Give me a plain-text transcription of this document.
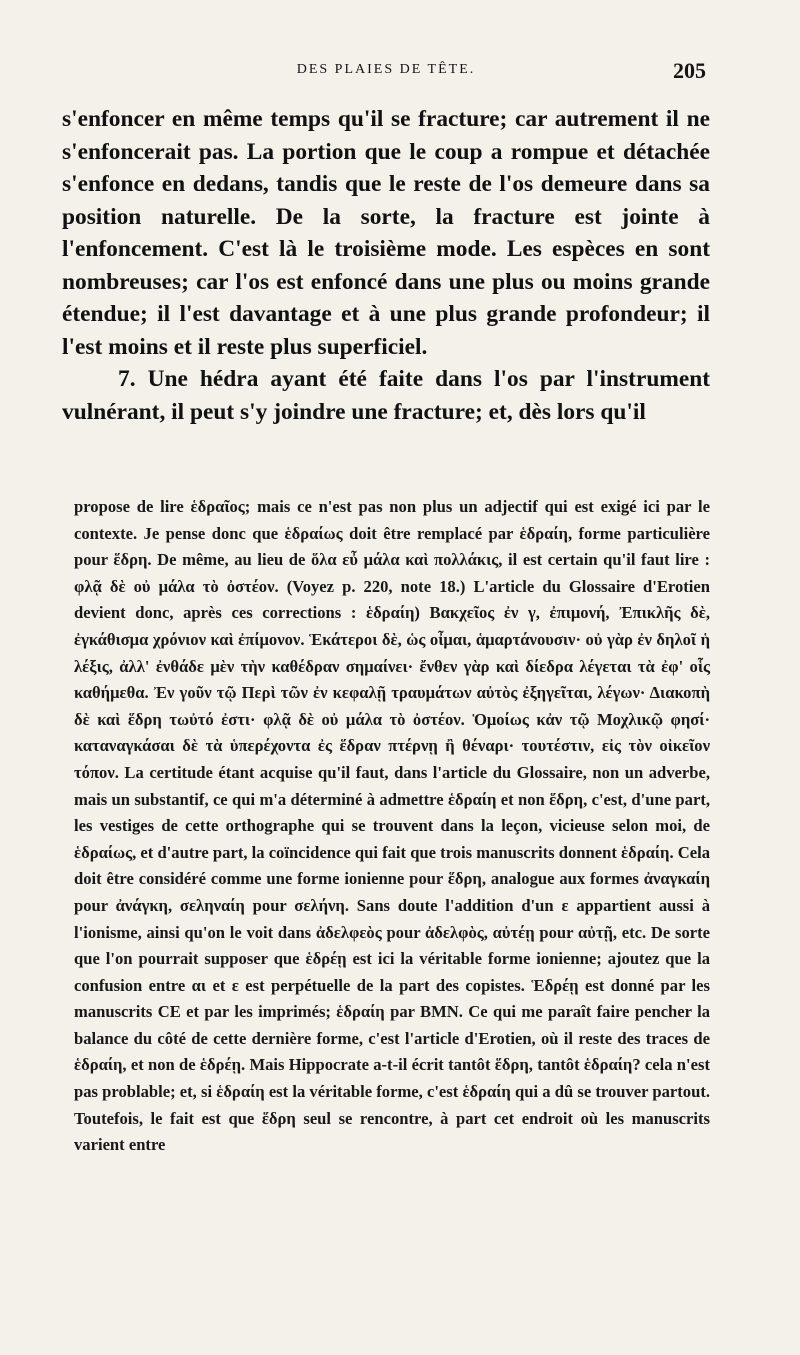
DES PLAIES DE TÊTE.	205

s'enfoncer en même temps qu'il se fracture; car autrement il ne s'enfoncerait pas. La portion que le coup a rompue et détachée s'enfonce en dedans, tandis que le reste de l'os demeure dans sa position naturelle. De la sorte, la fracture est jointe à l'enfoncement. C'est là le troisième mode. Les espèces en sont nombreuses; car l'os est enfoncé dans une plus ou moins grande étendue; il l'est davantage et à une plus grande profondeur; il l'est moins et il reste plus superficiel.

7. Une hédra ayant été faite dans l'os par l'instrument vulnérant, il peut s'y joindre une fracture; et, dès lors qu'il

propose de lire ἑδραῖος; mais ce n'est pas non plus un adjectif qui est exigé ici par le contexte. Je pense donc que ἑδραίως doit être remplacé par ἑδραίη, forme particulière pour ἕδρη. De même, au lieu de ὅλα εὖ μάλα καὶ πολλάκις, il est certain qu'il faut lire : φλᾷ δὲ οὐ μάλα τὸ ὀστέον. (Voyez p. 220, note 18.) L'article du Glossaire d'Erotien devient donc, après ces corrections : ἑδραίη) Βακχεῖος ἐν γ, ἐπιμονή, Ἐπικλῆς δὲ, ἐγκάθισμα χρόνιον καὶ ἐπίμονον. Ἑκάτεροι δὲ, ὡς οἶμαι, ἁμαρτάνουσιν· οὐ γὰρ ἐν δηλοῖ ἡ λέξις, ἀλλ' ἐνθάδε μὲν τὴν καθέδραν σημαίνει· ἔνθεν γὰρ καὶ δίεδρα λέγεται τὰ ἐφ' οἷς καθήμεθα. Ἐν γοῦν τῷ Περὶ τῶν ἐν κεφαλῇ τραυμάτων αὐτὸς ἐξηγεῖται, λέγων· Διακοπὴ δὲ καὶ ἕδρη τωὐτό ἐστι· φλᾷ δὲ οὐ μάλα τὸ ὀστέον. Ὁμοίως κἀν τῷ Μοχλικῷ φησί· καταναγκάσαι δὲ τὰ ὑπερέχοντα ἐς ἕδραν πτέρνῃ ἢ θέναρι· τουτέστιν, εἰς τὸν οἰκεῖον τόπον. La certitude étant acquise qu'il faut, dans l'article du Glossaire, non un adverbe, mais un substantif, ce qui m'a déterminé à admettre ἑδραίη et non ἕδρη, c'est, d'une part, les vestiges de cette orthographe qui se trouvent dans la leçon, vicieuse selon moi, de ἑδραίως, et d'autre part, la coïncidence qui fait que trois manuscrits donnent ἑδραίη. Cela doit être considéré comme une forme ionienne pour ἕδρη, analogue aux formes ἀναγκαίη pour ἀνάγκη, σεληναίη pour σελήνη. Sans doute l'addition d'un ε appartient aussi à l'ionisme, ainsi qu'on le voit dans ἀδελφεὸς pour ἀδελφὸς, αὐτέῃ pour αὐτῇ, etc. De sorte que l'on pourrait supposer que ἑδρέῃ est ici la véritable forme ionienne; ajoutez que la confusion entre αι et ε est perpétuelle de la part des copistes. Ἑδρέῃ est donné par les manuscrits CE et par les imprimés; ἑδραίη par BMN. Ce qui me paraît faire pencher la balance du côté de cette dernière forme, c'est l'article d'Erotien, où il reste des traces de ἑδραίη, et non de ἑδρέῃ. Mais Hippocrate a-t-il écrit tantôt ἕδρη, tantôt ἑδραίη? cela n'est pas problable; et, si ἑδραίη est la véritable forme, c'est ἑδραίη qui a dû se trouver partout. Toutefois, le fait est que ἕδρη seul se rencontre, à part cet endroit où les manuscrits varient entre
